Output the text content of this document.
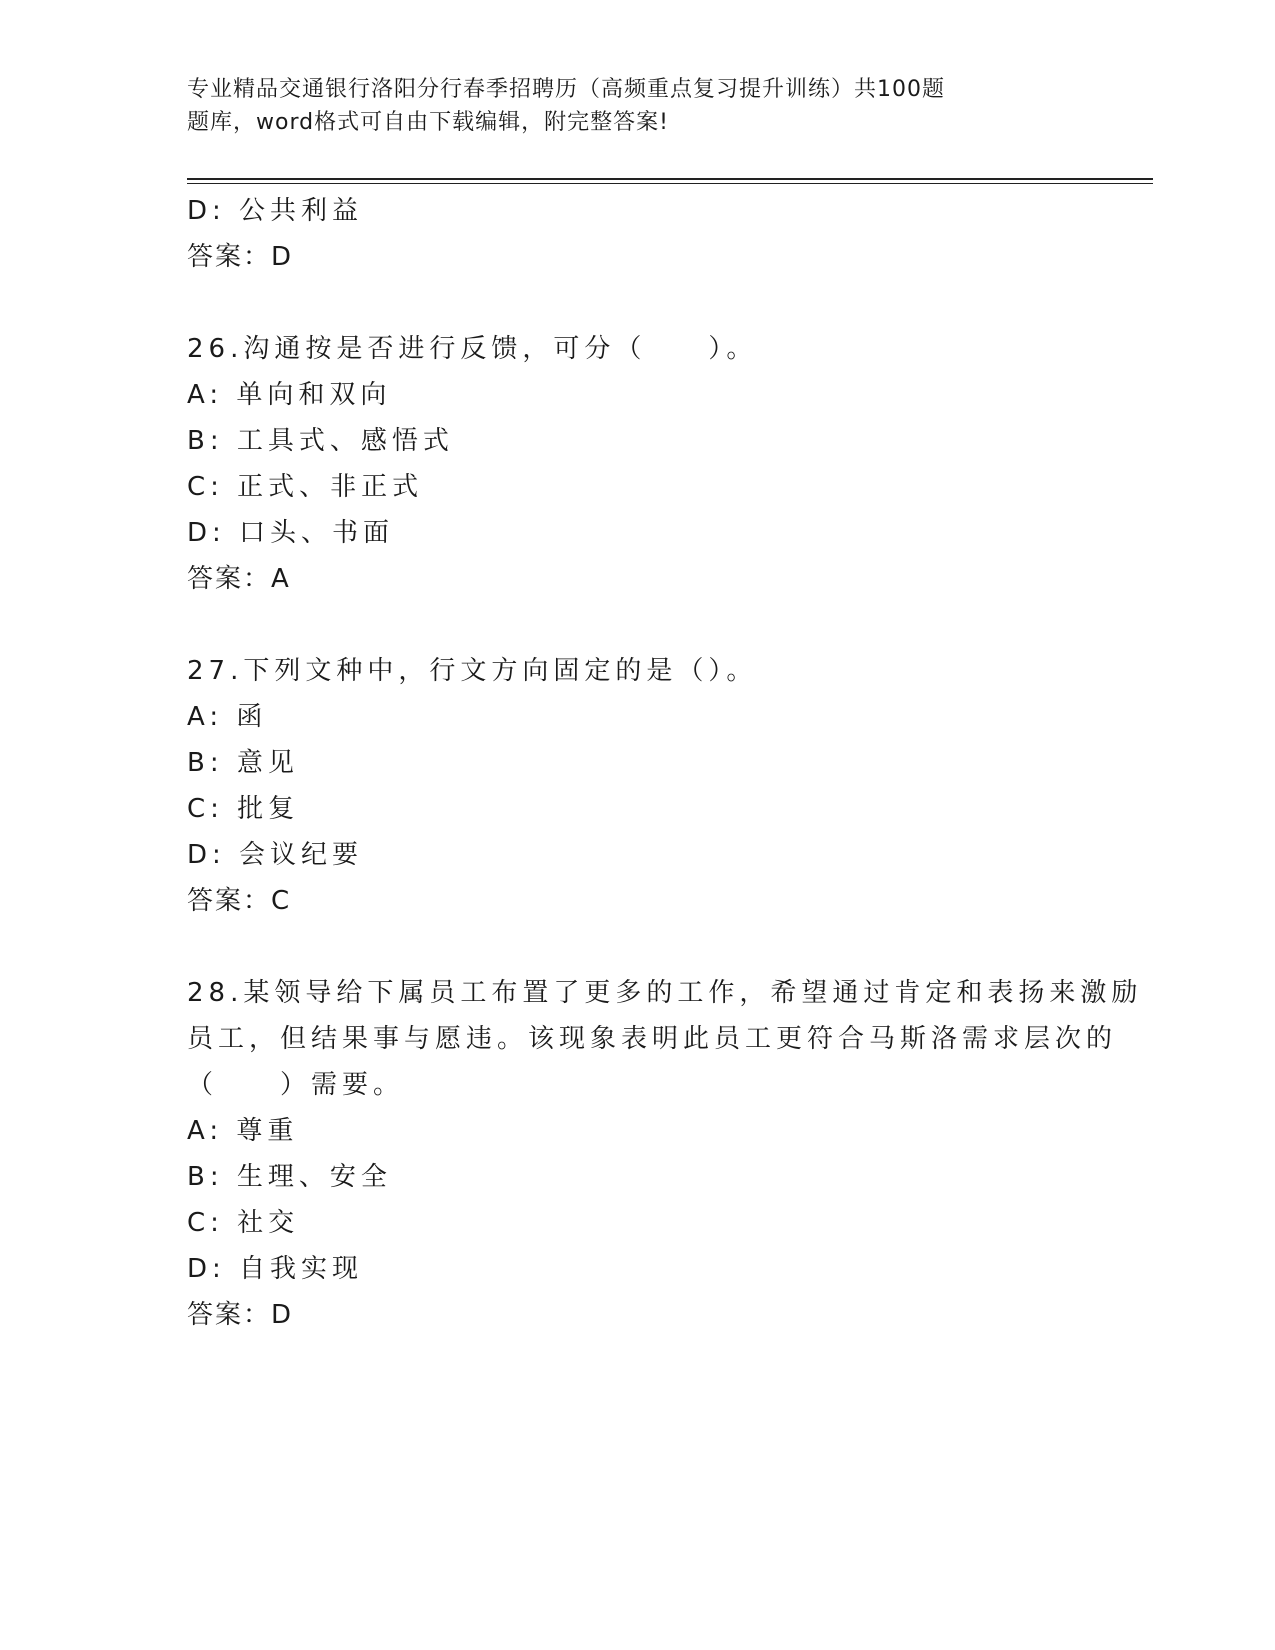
专业精品交通银行洛阳分行春季招聘历（高频重点复习提升训练）共100题
题库，word格式可自由下载编辑，附完整答案!
D: 公共利益
答案：D
26.沟通按是否进行反馈，可分（　　）。
A: 单向和双向
B: 工具式、感悟式
C: 正式、非正式
D: 口头、书面
答案：A
27.下列文种中，行文方向固定的是（）。
A: 函
B: 意见
C: 批复
D: 会议纪要
答案：C
28.某领导给下属员工布置了更多的工作，希望通过肯定和表扬来激励
员工，但结果事与愿违。该现象表明此员工更符合马斯洛需求层次的
（　　）需要。
A: 尊重
B: 生理、安全
C: 社交
D: 自我实现
答案：D
